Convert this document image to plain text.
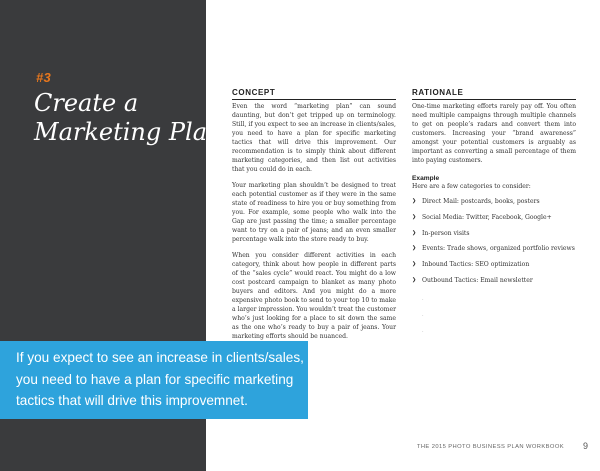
#3
Create a
Marketing Plan
CONCEPT

Even the word “marketing plan” can sound daunting, but don’t get tripped up on terminology. Still, if you expect to see an increase in clients/sales, you need to have a plan for specific marketing tactics that will drive this improvement. Our recommendation is to simply think about different marketing categories, and then list out activities that you could do in each.

Your marketing plan shouldn’t be designed to treat each potential customer as if they were in the same state of readiness to hire you or buy something from you. For example, some people who walk into the Gap are just passing the time; a smaller percentage want to try on a pair of jeans; and an even smaller percentage walk into the store ready to buy.

When you consider different activities in each category, think about how people in different parts of the “sales cycle” would react. You might do a low cost postcard campaign to blanket as many photo buyers and editors. And you might do a more expensive photo book to send to your top 10 to make a larger impression. You wouldn’t treat the customer who’s just looking for a place to sit down the same as the one who’s ready to buy a pair of jeans. Your marketing efforts should be nuanced.

RATIONALE

One-time marketing efforts rarely pay off. You often need multiple campaigns through multiple channels to get on people’s radars and convert them into customers. Increasing your “brand awareness” amongst your potential customers is arguably as important as converting a small percentage of them into paying customers.

Example

Here are a few categories to consider:

❯ Direct Mail: postcards, books, posters
❯ Social Media: Twitter, Facebook, Google+
❯ In-person visits
❯ Events: Trade shows, organized portfolio reviews
❯ Inbound Tactics: SEO optimization
❯ Outbound Tactics: Email newsletter
·
·
·
If you expect to see an increase in clients/sales,
you need to have a plan for specific marketing
tactics that will drive this improvemnet.
THE 2015 PHOTO BUSINESS PLAN WORKBOOK 9
